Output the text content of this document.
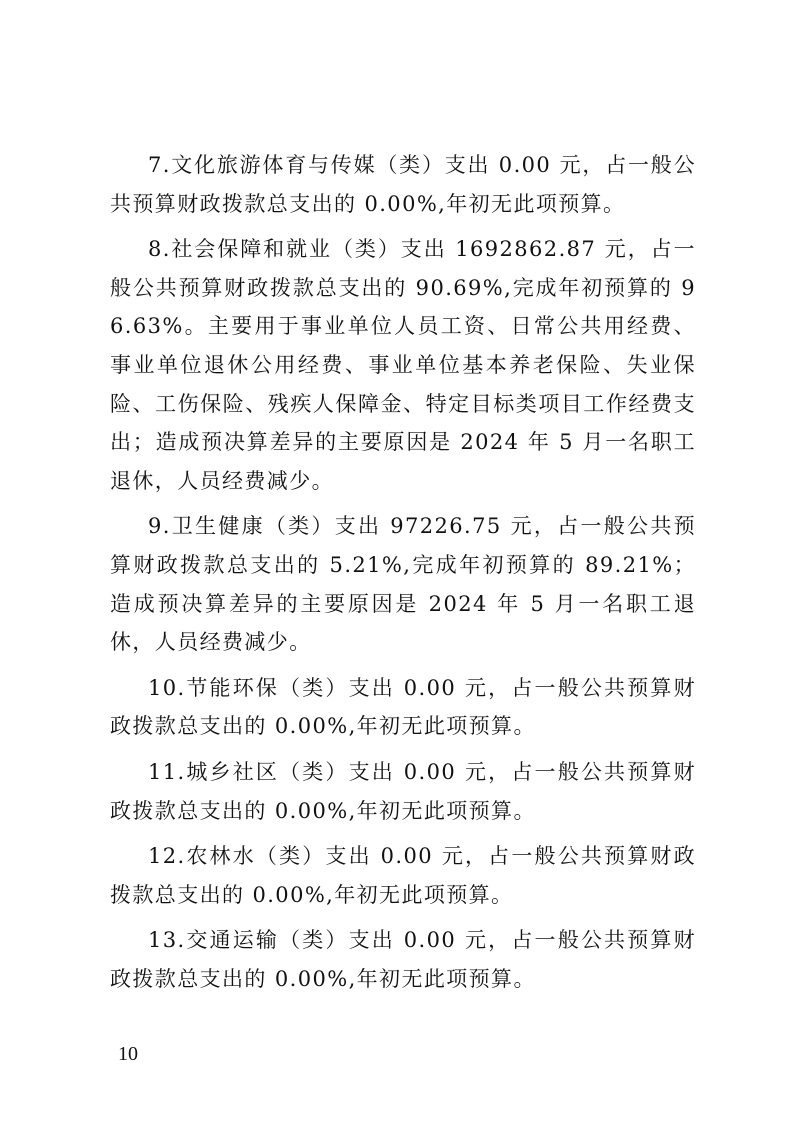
7.文化旅游体育与传媒（类）支出 0.00 元，占一般公共预算财政拨款总支出的 0.00%,年初无此项预算。

8.社会保障和就业（类）支出 1692862.87 元，占一般公共预算财政拨款总支出的 90.69%,完成年初预算的 96.63%。主要用于事业单位人员工资、日常公共用经费、事业单位退休公用经费、事业单位基本养老保险、失业保险、工伤保险、残疾人保障金、特定目标类项目工作经费支出；造成预决算差异的主要原因是 2024 年 5 月一名职工退休，人员经费减少。

9.卫生健康（类）支出 97226.75 元，占一般公共预算财政拨款总支出的 5.21%,完成年初预算的 89.21%；造成预决算差异的主要原因是 2024 年 5 月一名职工退休，人员经费减少。

10.节能环保（类）支出 0.00 元，占一般公共预算财政拨款总支出的 0.00%,年初无此项预算。

11.城乡社区（类）支出 0.00 元，占一般公共预算财政拨款总支出的 0.00%,年初无此项预算。

12.农林水（类）支出 0.00 元，占一般公共预算财政拨款总支出的 0.00%,年初无此项预算。

13.交通运输（类）支出 0.00 元，占一般公共预算财政拨款总支出的 0.00%,年初无此项预算。

10
